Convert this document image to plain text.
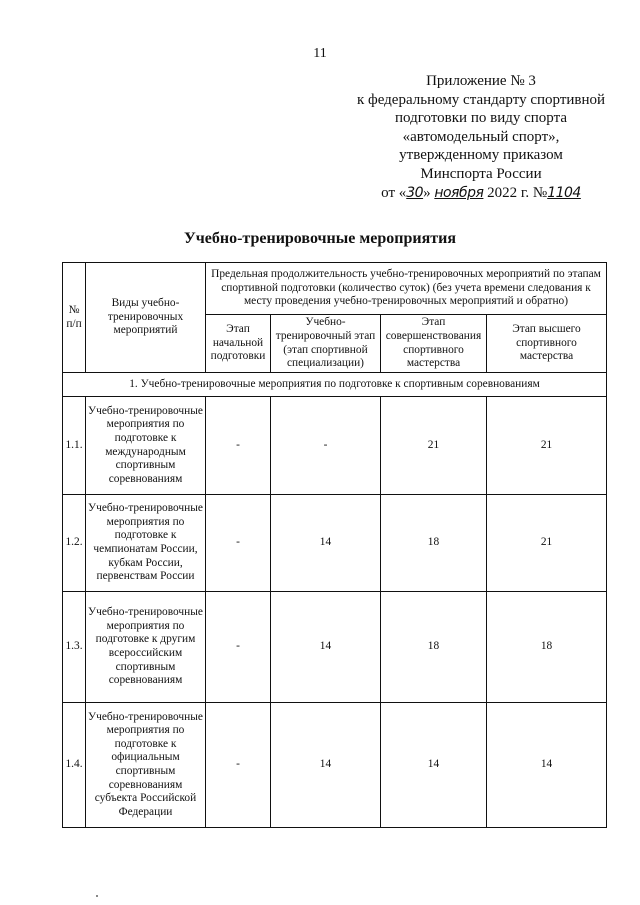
11
Приложение № 3
к федеральному стандарту спортивной
подготовки по виду спорта
«автомодельный спорт»,
утвержденному приказом
Минспорта России
от «30» ноября 2022 г. №1104
Учебно-тренировочные мероприятия
№ п/п	Виды учебно-тренировочных мероприятий	Предельная продолжительность учебно-тренировочных мероприятий по этапам спортивной подготовки (количество суток) (без учета времени следования к месту проведения учебно-тренировочных мероприятий и обратно)			
		Этап начальной подготовки	Учебно-тренировочный этап (этап спортивной специализации)	Этап совершенствования спортивного мастерства	Этап высшего спортивного мастерства
1. Учебно-тренировочные мероприятия по подготовке к спортивным соревнованиям					
1.1.	Учебно-тренировочные мероприятия по подготовке к международным спортивным соревнованиям	-	-	21	21
1.2.	Учебно-тренировочные мероприятия по подготовке к чемпионатам России, кубкам России, первенствам России	-	14	18	21
1.3.	Учебно-тренировочные мероприятия по подготовке к другим всероссийским спортивным соревнованиям	-	14	18	18
1.4.	Учебно-тренировочные мероприятия по подготовке к официальным спортивным соревнованиям субъекта Российской Федерации	-	14	14	14
